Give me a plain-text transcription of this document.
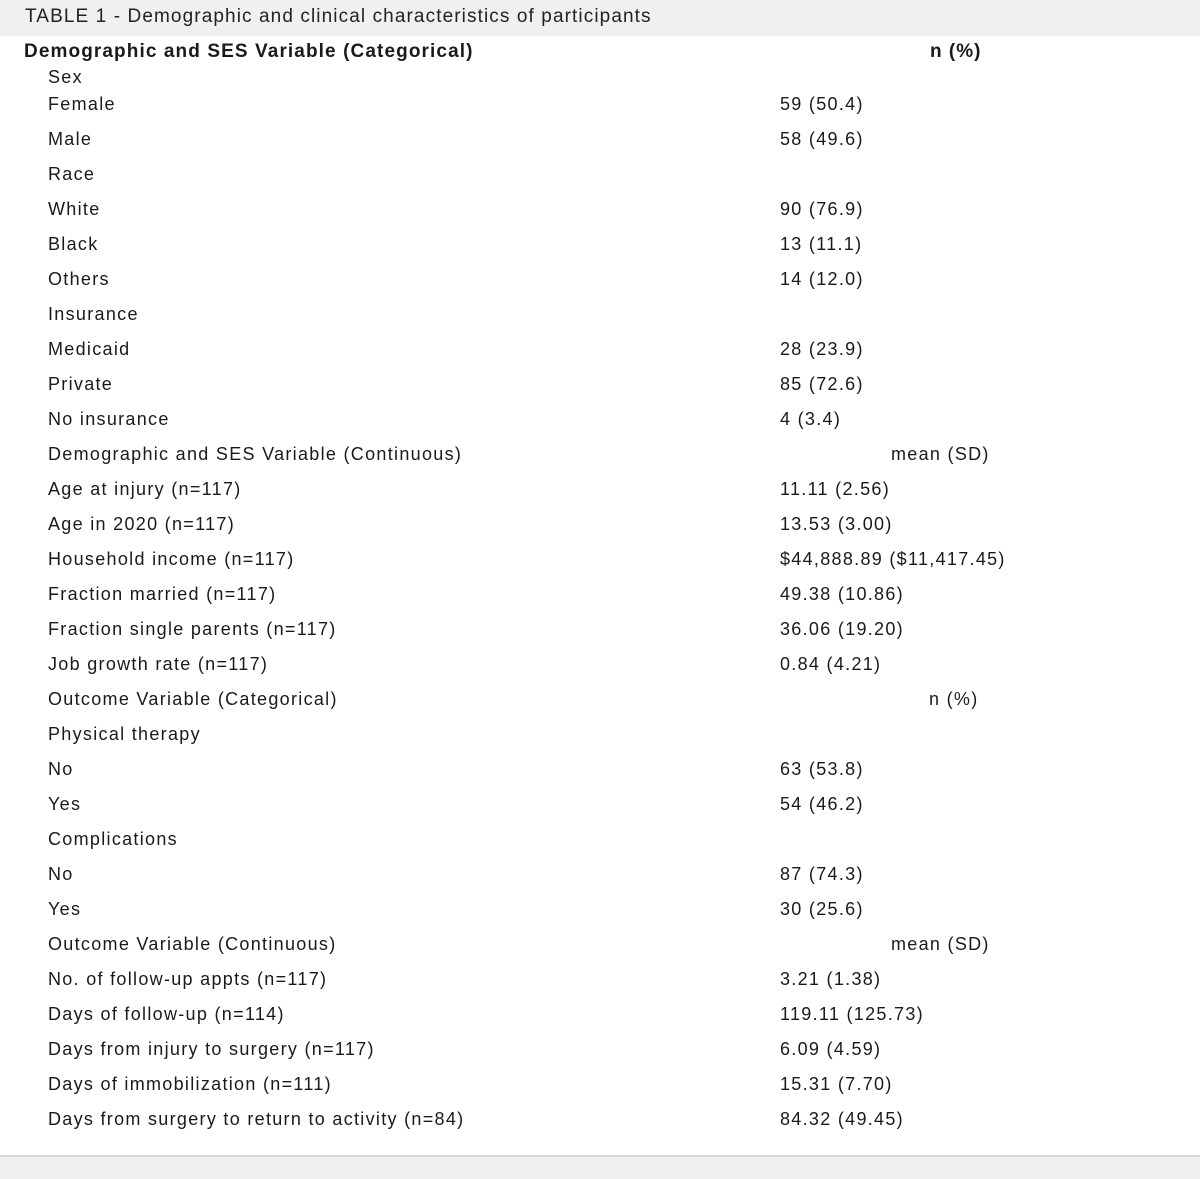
TABLE 1 - Demographic and clinical characteristics of participants
Demographic and SES Variable (Categorical)	n (%)
Sex
Female	59 (50.4)
Male	58 (49.6)
Race
White	90 (76.9)
Black	13 (11.1)
Others	14 (12.0)
Insurance
Medicaid	28 (23.9)
Private	85 (72.6)
No insurance	4 (3.4)
Demographic and SES Variable (Continuous)	mean (SD)
Age at injury (n=117)	11.11 (2.56)
Age in 2020 (n=117)	13.53 (3.00)
Household income (n=117)	$44,888.89 ($11,417.45)
Fraction married (n=117)	49.38 (10.86)
Fraction single parents (n=117)	36.06 (19.20)
Job growth rate (n=117)	0.84 (4.21)
Outcome Variable (Categorical)	n (%)
Physical therapy
No	63 (53.8)
Yes	54 (46.2)
Complications
No	87 (74.3)
Yes	30 (25.6)
Outcome Variable (Continuous)	mean (SD)
No. of follow-up appts (n=117)	3.21 (1.38)
Days of follow-up (n=114)	119.11 (125.73)
Days from injury to surgery (n=117)	6.09 (4.59)
Days of immobilization (n=111)	15.31 (7.70)
Days from surgery to return to activity (n=84)	84.32 (49.45)
